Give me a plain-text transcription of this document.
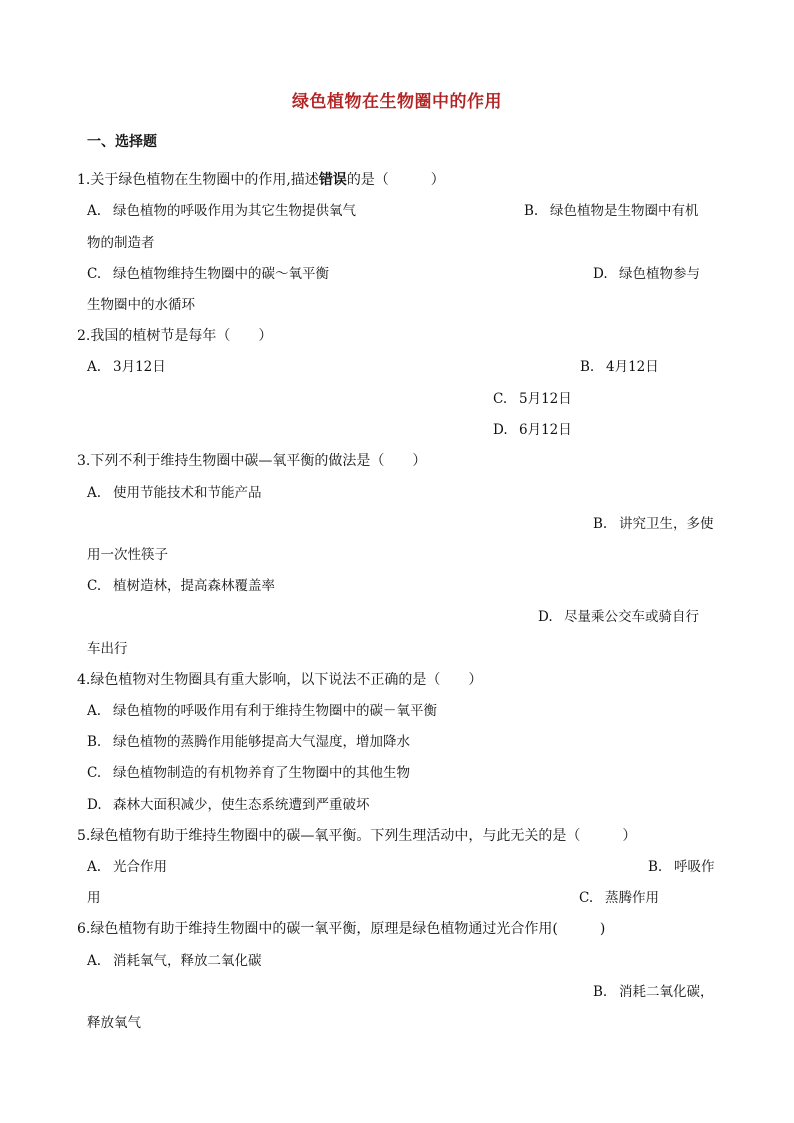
绿色植物在生物圈中的作用
一、选择题
1.关于绿色植物在生物圈中的作用,描述错误的是（　　　）
A. 绿色植物的呼吸作用为其它生物提供氧气	B. 绿色植物是生物圈中有机
物的制造者
C. 绿色植物维持生物圈中的碳～氧平衡	D. 绿色植物参与
生物圈中的水循环
2.我国的植树节是每年（　　）
A. 3月12日	B. 4月12日
C. 5月12日
D. 6月12日
3.下列不利于维持生物圈中碳—氧平衡的做法是（　　）
A. 使用节能技术和节能产品
B. 讲究卫生，多使
用一次性筷子
C. 植树造林，提高森林覆盖率
D. 尽量乘公交车或骑自行
车出行
4.绿色植物对生物圈具有重大影响，以下说法不正确的是（　　）
A. 绿色植物的呼吸作用有利于维持生物圈中的碳－氧平衡
B. 绿色植物的蒸腾作用能够提高大气湿度，增加降水
C. 绿色植物制造的有机物养育了生物圈中的其他生物
D. 森林大面积减少，使生态系统遭到严重破坏
5.绿色植物有助于维持生物圈中的碳—氧平衡。下列生理活动中，与此无关的是（　　　）
A. 光合作用	B. 呼吸作
用	C. 蒸腾作用
6.绿色植物有助于维持生物圈中的碳一氧平衡，原理是绿色植物通过光合作用(　　　)
A. 消耗氧气，释放二氧化碳
B. 消耗二氧化碳，
释放氧气
